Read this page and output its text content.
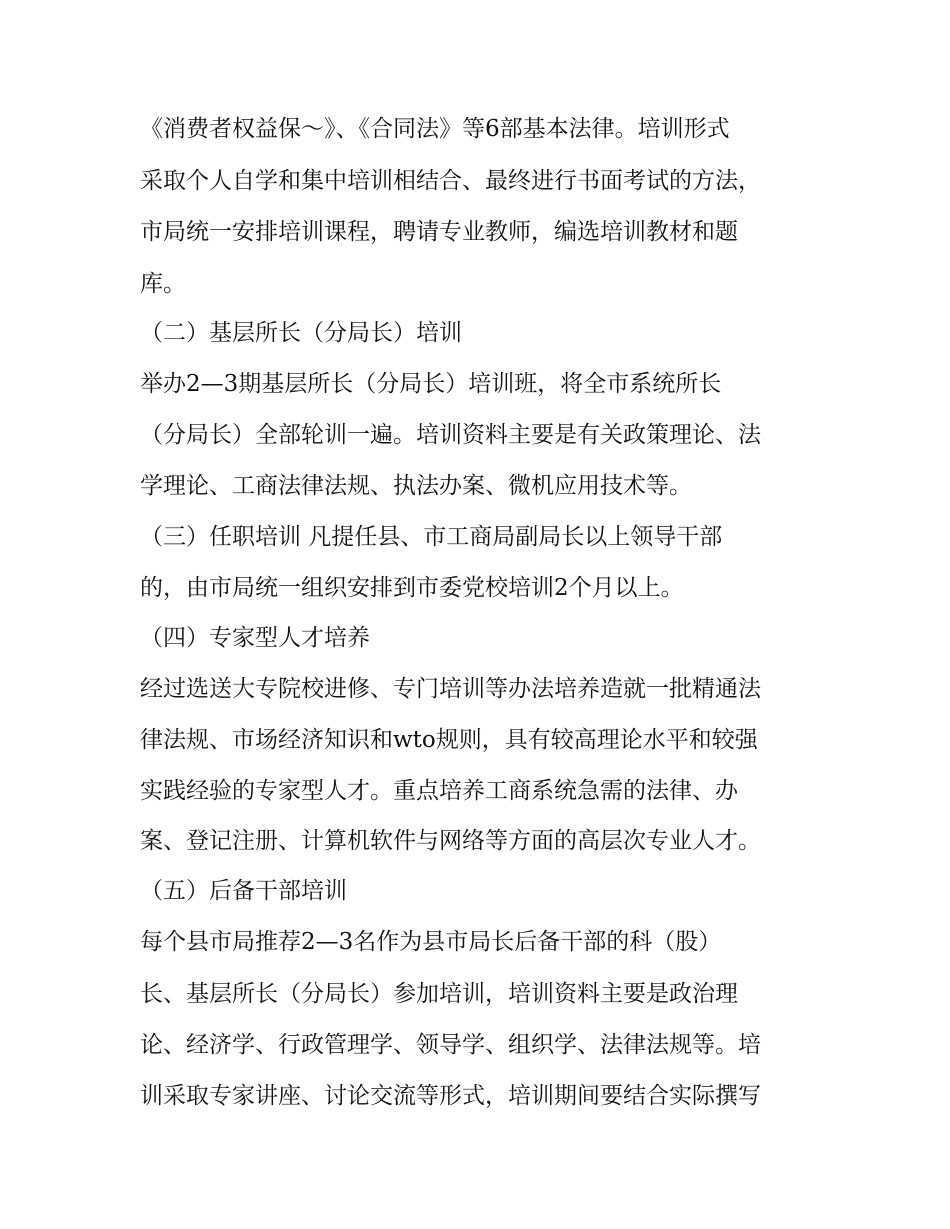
《消费者权益保～》、《合同法》等6部基本法律。培训形式
采取个人自学和集中培训相结合、最终进行书面考试的方法，
市局统一安排培训课程，聘请专业教师，编选培训教材和题
库。
（二）基层所长（分局长）培训
举办2—3期基层所长（分局长）培训班，将全市系统所长
（分局长）全部轮训一遍。培训资料主要是有关政策理论、法
学理论、工商法律法规、执法办案、微机应用技术等。
（三）任职培训 凡提任县、市工商局副局长以上领导干部
的，由市局统一组织安排到市委党校培训2个月以上。
（四）专家型人才培养
经过选送大专院校进修、专门培训等办法培养造就一批精通法
律法规、市场经济知识和wto规则，具有较高理论水平和较强
实践经验的专家型人才。重点培养工商系统急需的法律、办
案、登记注册、计算机软件与网络等方面的高层次专业人才。
（五）后备干部培训
每个县市局推荐2—3名作为县市局长后备干部的科（股）
长、基层所长（分局长）参加培训，培训资料主要是政治理
论、经济学、行政管理学、领导学、组织学、法律法规等。培
训采取专家讲座、讨论交流等形式，培训期间要结合实际撰写
